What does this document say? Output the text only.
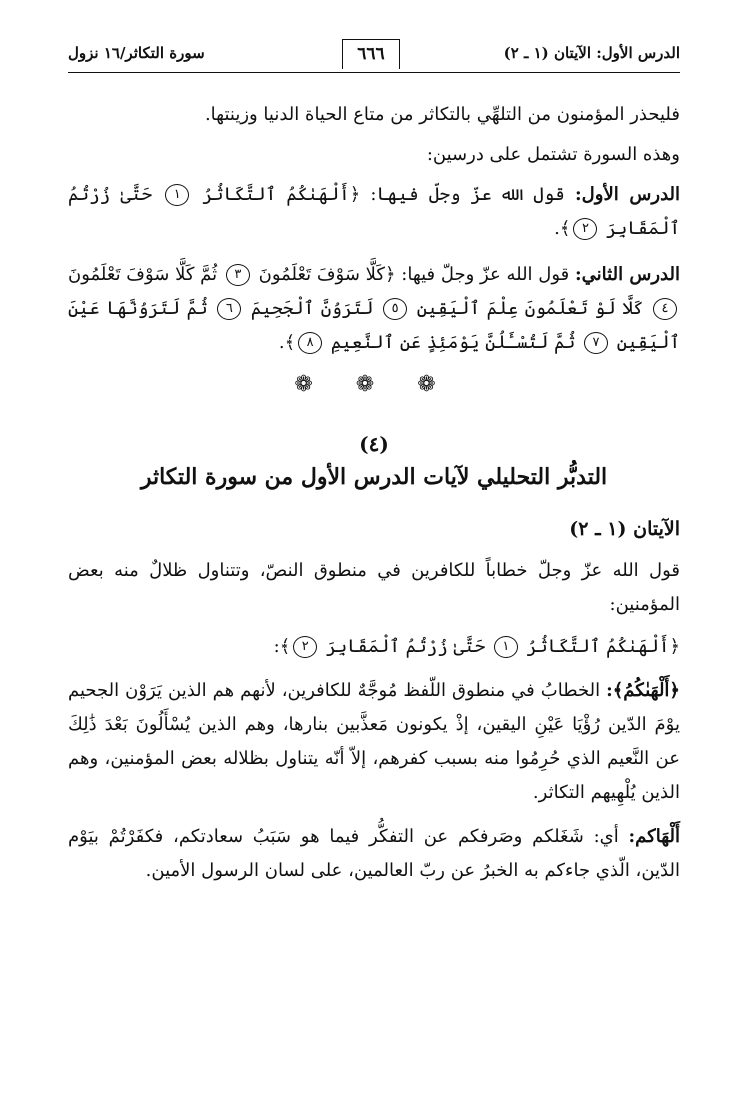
الدرس الأول: الآيتان (١ ـ ٢)
٦٦٦
سورة التكاثر/١٦ نزول

فليحذر المؤمنون من التلهِّي بالتكاثر من متاع الحياة الدنيا وزينتها.

وهذه السورة تشتمل على درسين:

الدرس الأول: قول الله عزّ وجلّ فيها: ﴿أَلْهَىٰكُمُ ٱلتَّكَاثُرُ ١ حَتَّىٰ زُرْتُمُ ٱلْمَقَابِرَ ٢﴾.

الدرس الثاني: قول الله عزّ وجلّ فيها: ﴿كَلَّا سَوْفَ تَعْلَمُونَ ٣ ثُمَّ كَلَّا سَوْفَ تَعْلَمُونَ ٤ كَلَّا لَوْ تَعْلَمُونَ عِلْمَ ٱلْيَقِينِ ٥ لَتَرَوُنَّ ٱلْجَحِيمَ ٦ ثُمَّ لَتَرَوُنَّهَا عَيْنَ ٱلْيَقِينِ ٧ ثُمَّ لَتُسْـَٔلُنَّ يَوْمَئِذٍ عَنِ ٱلنَّعِيمِ ٨﴾.

❁ ❁ ❁
(٤)
التدبُّر التحليلي لآيات الدرس الأول من سورة التكاثر
الآيتان (١ ـ ٢)

قول الله عزّ وجلّ خطاباً للكافرين في منطوق النصّ، وتتناول ظلالٌ منه بعض المؤمنين:

﴿أَلْهَىٰكُمُ ٱلتَّكَاثُرُ ١ حَتَّىٰ زُرْتُمُ ٱلْمَقَابِرَ ٢﴾:

﴿أَلْهَىٰكُمُ﴾: الخطابُ في منطوق اللّفظ مُوجَّهٌ للكافرين، لأنهم هم الذين يَرَوْن الجحيم يوْمَ الدّين رُؤْيَا عَيْنِ اليقين، إذْ يكونون مَعذَّبين بنارها، وهم الذين يُسْأَلُونَ بَعْدَ ذَٰلِكَ عن النَّعيم الذي حُرِمُوا منه بسبب كفرهم، إلاّ أنّه يتناول بظلاله بعض المؤمنين، وهم الذين يُلْهِيهم التكاثر.

أَلْهَاكم: أي: شَغَلكم وصَرفكم عن التفكُّر فيما هو سَبَبُ سعادتكم، فكفَرْتُمْ بيَوْم الدّين، الّذي جاءكم به الخبرُ عن ربّ العالمين، على لسان الرسول الأمين.
